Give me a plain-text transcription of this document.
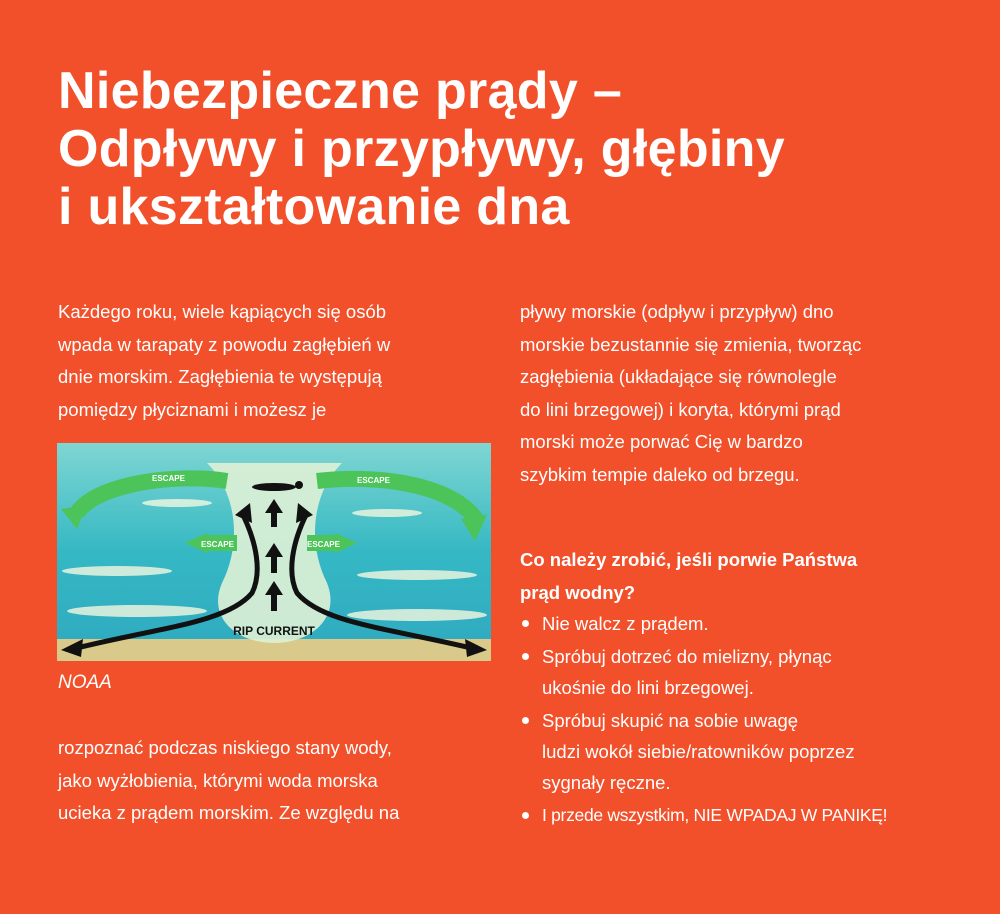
Niebezpieczne prądy –
Odpływy i przypływy, głębiny
i ukształtowanie dna
Każdego roku, wiele kąpiących się osób
wpada w tarapaty z powodu zagłębień w
dnie morskim. Zagłębienia te występują
pomiędzy płyciznami i możesz je
ESCAPE	ESCAPE
ESCAPE	ESCAPE
RIP CURRENT
NOAA
rozpoznać podczas niskiego stany wody,
jako wyżłobienia, którymi woda morska
ucieka z prądem morskim. Ze względu na
pływy morskie (odpływ i przypływ) dno
morskie bezustannie się zmienia, tworząc
zagłębienia (układające się równolegle
do lini brzegowej) i koryta, którymi prąd
morski może porwać Cię w bardzo
szybkim tempie daleko od brzegu.
Co należy zrobić, jeśli porwie Państwa
prąd wodny?
Nie walcz z prądem.
Spróbuj dotrzeć do mielizny, płynąc
ukośnie do lini brzegowej.
Spróbuj skupić na sobie uwagę
ludzi wokół siebie/ratowników poprzez
sygnały ręczne.
I przede wszystkim, NIE WPADAJ W PANIKĘ!
